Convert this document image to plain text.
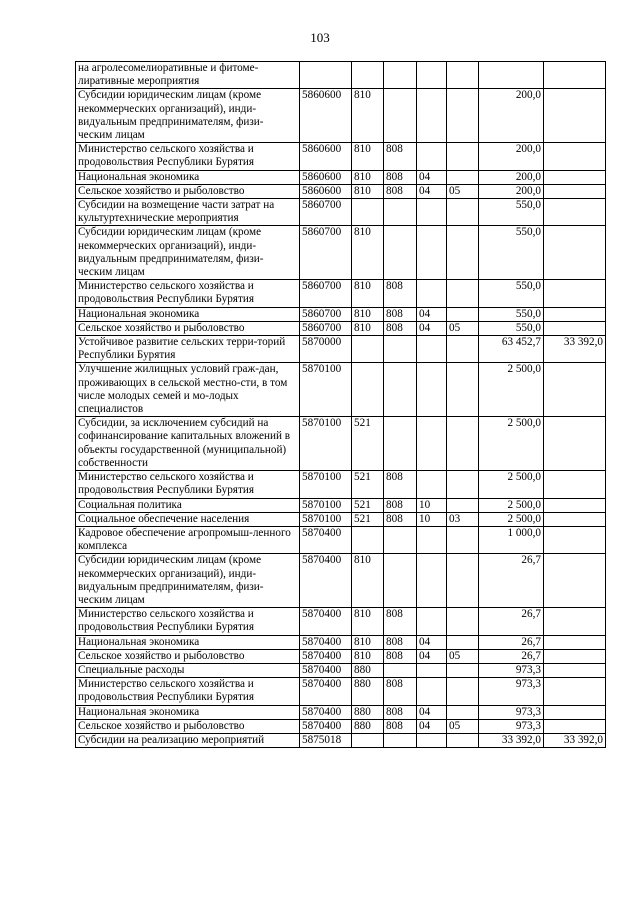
103
на агролесомелиоративные и фитоме-лиративные мероприятия							
Субсидии юридическим лицам (кроме некоммерческих организаций), инди-видуальным предпринимателям, физи-ческим лицам	5860600	810				200,0	
Министерство сельского хозяйства и продовольствия Республики Бурятия	5860600	810	808			200,0	
Национальная экономика	5860600	810	808	04		200,0	
Сельское хозяйство и рыболовство	5860600	810	808	04	05	200,0	
Субсидии на возмещение части затрат на культуртехнические мероприятия	5860700					550,0	
Субсидии юридическим лицам (кроме некоммерческих организаций), инди-видуальным предпринимателям, физи-ческим лицам	5860700	810				550,0	
Министерство сельского хозяйства и продовольствия Республики Бурятия	5860700	810	808			550,0	
Национальная экономика	5860700	810	808	04		550,0	
Сельское хозяйство и рыболовство	5860700	810	808	04	05	550,0	
Устойчивое развитие сельских терри-торий Республики Бурятия	5870000					63 452,7	33 392,0
Улучшение жилищных условий граж-дан, проживающих в сельской местно-сти, в том числе молодых семей и мо-лодых специалистов	5870100					2 500,0	
Субсидии, за исключением субсидий на софинансирование капитальных вложений в объекты государственной (муниципальной) собственности	5870100	521				2 500,0	
Министерство сельского хозяйства и продовольствия Республики Бурятия	5870100	521	808			2 500,0	
Социальная политика	5870100	521	808	10		2 500,0	
Социальное обеспечение населения	5870100	521	808	10	03	2 500,0	
Кадровое обеспечение агропромыш-ленного комплекса	5870400					1 000,0	
Субсидии юридическим лицам (кроме некоммерческих организаций), инди-видуальным предпринимателям, физи-ческим лицам	5870400	810				26,7	
Министерство сельского хозяйства и продовольствия Республики Бурятия	5870400	810	808			26,7	
Национальная экономика	5870400	810	808	04		26,7	
Сельское хозяйство и рыболовство	5870400	810	808	04	05	26,7	
Специальные расходы	5870400	880				973,3	
Министерство сельского хозяйства и продовольствия Республики Бурятия	5870400	880	808			973,3	
Национальная экономика	5870400	880	808	04		973,3	
Сельское хозяйство и рыболовство	5870400	880	808	04	05	973,3	
Субсидии на реализацию мероприятий	5875018					33 392,0	33 392,0
